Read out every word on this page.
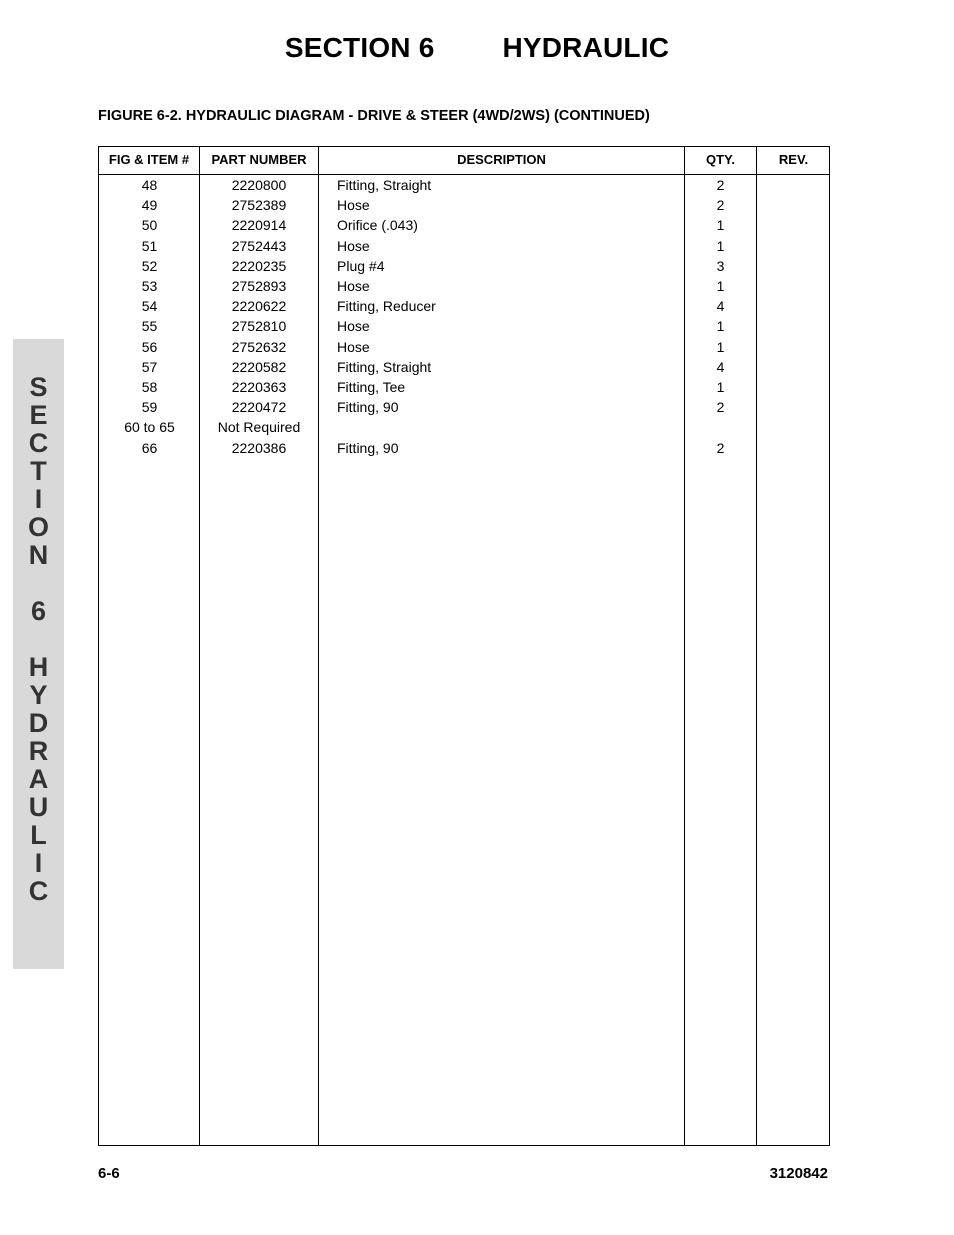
SECTION 6 HYDRAULIC
FIGURE 6-2. HYDRAULIC DIAGRAM - DRIVE & STEER (4WD/2WS) (CONTINUED)
S
E
C
T
I
O
N
6
H
Y
D
R
A
U
L
I
C
FIG & ITEM #	PART NUMBER	DESCRIPTION	QTY.	REV.
48	2220800	Fitting, Straight	2
49	2752389	Hose	2
50	2220914	Orifice (.043)	1
51	2752443	Hose	1
52	2220235	Plug #4	3
53	2752893	Hose	1
54	2220622	Fitting, Reducer	4
55	2752810	Hose	1
56	2752632	Hose	1
57	2220582	Fitting, Straight	4
58	2220363	Fitting, Tee	1
59	2220472	Fitting, 90	2
60 to 65	Not Required
66	2220386	Fitting, 90	2
6-6	3120842
